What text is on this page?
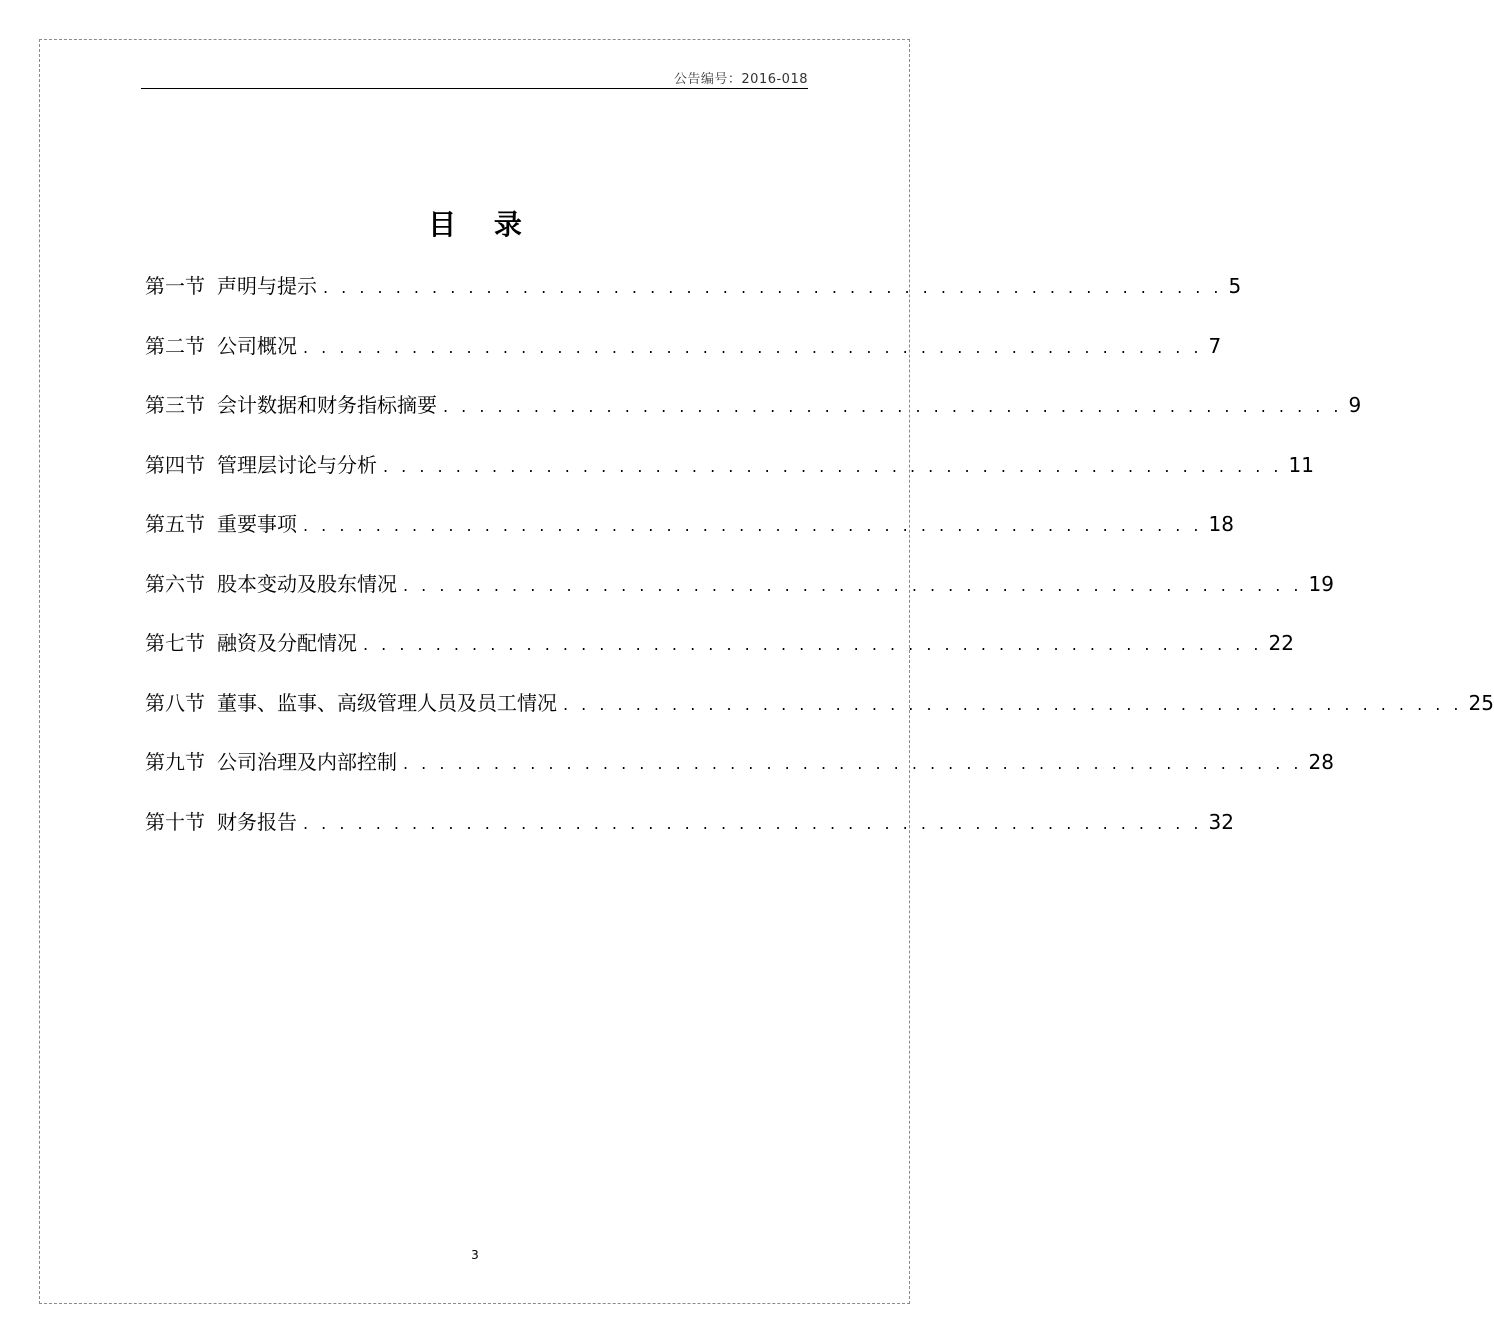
公告编号：2016-018
目 录
第一节 声明与提示 . . . . . . . . . . . . . . . . . . . . . . . . . . . . . . . . . . . . . . . . . . . . . . . . . . 5
第二节 公司概况 . . . . . . . . . . . . . . . . . . . . . . . . . . . . . . . . . . . . . . . . . . . . . . . . . . 7
第三节 会计数据和财务指标摘要 . . . . . . . . . . . . . . . . . . . . . . . . . . . . . . . . . . . . . . . . . . . . . . . . . . 9
第四节 管理层讨论与分析 . . . . . . . . . . . . . . . . . . . . . . . . . . . . . . . . . . . . . . . . . . . . . . . . . . 11
第五节 重要事项 . . . . . . . . . . . . . . . . . . . . . . . . . . . . . . . . . . . . . . . . . . . . . . . . . . 18
第六节 股本变动及股东情况 . . . . . . . . . . . . . . . . . . . . . . . . . . . . . . . . . . . . . . . . . . . . . . . . . . 19
第七节 融资及分配情况 . . . . . . . . . . . . . . . . . . . . . . . . . . . . . . . . . . . . . . . . . . . . . . . . . . 22
第八节 董事、监事、高级管理人员及员工情况 . . . . . . . . . . . . . . . . . . . . . . . . . . . . . . . . . . . . . . . . . . . . . . . . . . 25
第九节 公司治理及内部控制 . . . . . . . . . . . . . . . . . . . . . . . . . . . . . . . . . . . . . . . . . . . . . . . . . . 28
第十节 财务报告 . . . . . . . . . . . . . . . . . . . . . . . . . . . . . . . . . . . . . . . . . . . . . . . . . . 32
3
